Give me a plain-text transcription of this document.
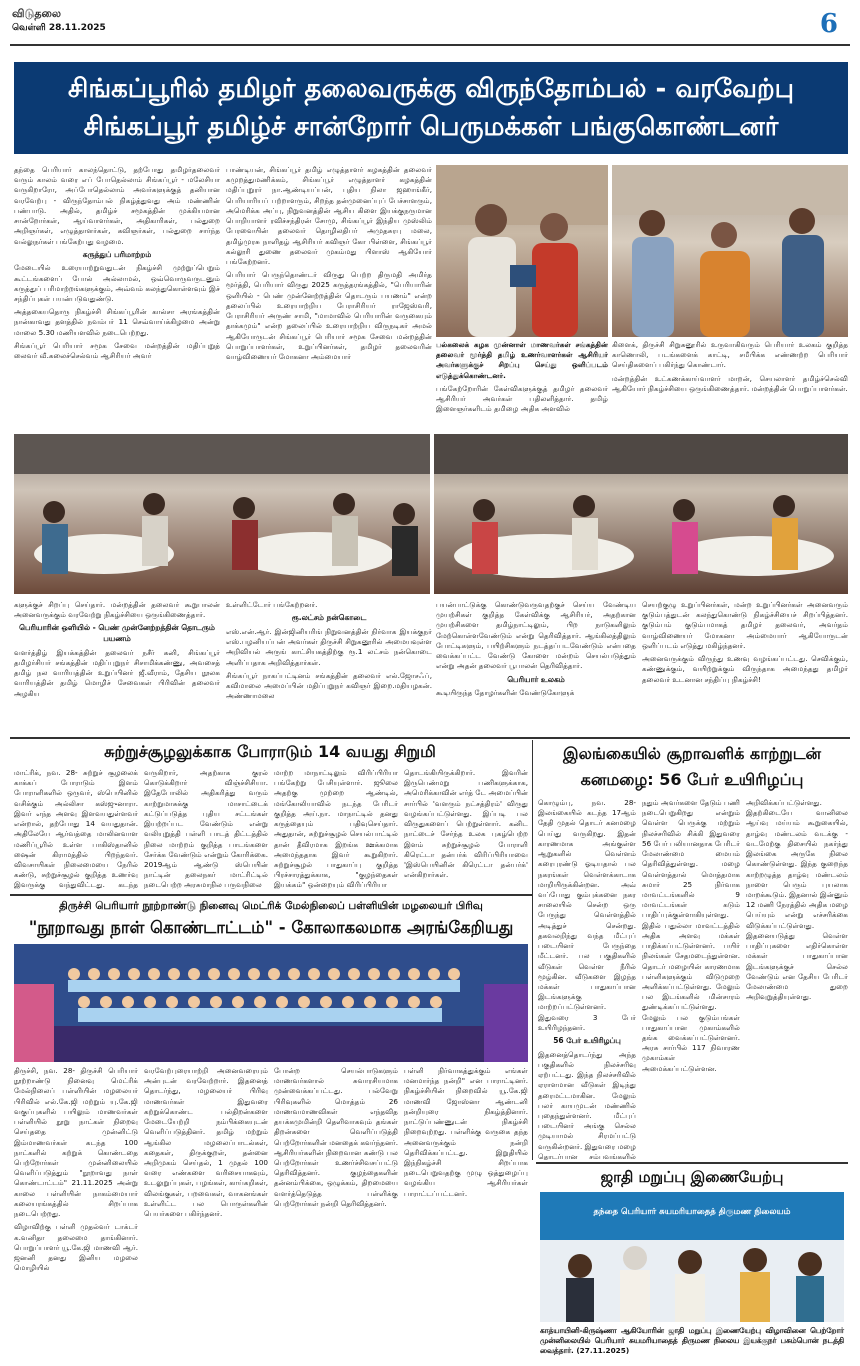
விடுதலை
வெள்ளி 28.11.2025	6
சிங்கப்பூரில் தமிழர் தலைவருக்கு விருந்தோம்பல் - வரவேற்பு
சிங்கப்பூர் தமிழ்ச் சான்றோர் பெருமக்கள் பங்குகொண்டனர்

தந்தை பெரியார் காலந்தொட்டு, தற்போது தமிழர்தலைவர் வரும் காலம் வரை எப் போதெல்லாம் சிங்கப்பூர் - மலேசியா வருகிறாரோ, அப்போதெல்லாம் அவர்களுக்குத் தனியான வரவேற்பு - விருந்தோம்பல் நிகழ்த்துவது அம் மண்ணின் பண்பாடு. அதில், தமிழ்ச் சமூகத்தின் முக்கியமான சான்றோர்கள், ஆய்வாளர்கள், அதிகாரிகள், பல்துறை அறிஞர்கள், எழுத்தாளர்கள், கவிஞர்கள், பல்துறை சார்ந்த வல்லுநர்கள் பங்கேற்பது வழமை.

கருத்துப் பரிமாற்றம்

மேடையில் உரையாற்றுவதுடன் நிகழ்ச்சி முற்றுப்பெறும் கூட்டங்களைப் போல் அல்லாமல், ஒவ்வொருவருடனும் கருத்துப் பரிமாற்றங்களுக்கும், அவ்வம் கலந்துகொள்ளவும் இச் சந்திப்புகள் பயன்படுவதுண்டு.

அத்தகையதொரு நிகழ்ச்சி சிங்கப்பூரின் கால்சா அரங்கத்தின் நான்காவது தளத்தில் நவம்பர் 11 செவ்வாய்க்கிழமை அன்று மாலை 5.30 மணியளவில் நடைபெற்றது.

சிங்கப்பூர் பெரியார் சமூக சேவை மன்றத்தின் மதிப்புறுத் லைவர் வீ.கலைச்செல்வம் ஆசிரியர் அவர்

பாண்டியன், சிங்கப்பூர் தமிழ் எழுத்தாளர் கழகத்தின் தலைவர் கமுறத்துமணிக்கம், சிங்கப்பூர் எழுத்தாளர் கழகத்தின் மதிப்புறுரர் நா.ஆண்டியப்பன், புதிய நிலா ஜஹாங்கீர், பெரியாரியப் பற்றாளரும், சிறந்த தன்முனைப்புப் பேச்சாளரும், அமெரிக்க அப்பு, நிறுவனத்தின் ஆசிய கிளை இயக்குநருமான பொறியாளர் ரவிச்சந்திரன் சோமு, சிங்கப்பூர் இந்திய முஸ்லிம் பேரவையின் தலைவர் தொழிலதிபர் அமுதசுரபு மலை, தமிழ்முரசு நாளிதழ் ஆசிரியர் கவிஞர் கோ பிள்ளை, சிங்கப்பூர் கல்லூரி துணை தலைவர் முகம்மது பிளாஸ் ஆகியோர் பங்கேற்றனர்.

பெரியார் பெருந்தொண்டர் விருது பெற்ற திருமதி அமிர்த மூர்த்தி, பெரியார் விருது 2025 கருத்தரங்கத்தில், "பெரியாரின் ஒளியில் - பெண் முன்னேற்றத்தின் தொடரும் பயணம்" என்ற தலைப்பில் உரையாற்றிய பேராசிரியர் ராஜேஸ்வரி, பேராசிரியர் அருண் சாமி, "மாமாவில் பெரியாரின் வருகையும் தாக்கமும்" என்ற தலைப்பில் உரையாற்றிய விருநடிகர் அமல் ஆகியோருடன் சிங்கப்பூர் பெரியார் சமூக சேவை மன்றத்தின் பொறுப்பாளர்கள், உறுப்பினர்கள், தமிழர் தலைவரின் வாழ்விணையர் மோகனா அம்மையார்

பல்கலைக் கழக முன்னாள் மாணவர்கள் சங்கத்தின் தலைவர் மூர்த்தி தமிழ் உணர்வாளர்கள் ஆசிரியர் அவர்களுக்குச் சிறப்பு செய்து ஒளிப்படம் எடுத்துக்கொண்டனர்.

பங்கேற்றோரின் கேள்விகளுக்குத் தமிழர் தலைவர் ஆசிரியர் அவர்கள் பதிலளித்தார். தமிழ் இளைஞர்களிடம் தமிழை அதிக அளவில்

கிளைக், திருச்சி சிறுகனூரில் உருவாகிவரும் பெரியார் உலகம் குறித்த காணொலி, படங்களைக் காட்டி, சமீபிக்க எண்ணற்ற பெரியார் செய்திகளைப் பகிர்ந்து கொண்டார்.

மன்றத்தின் உட்கணக்காய்வாளர் மாறன், செயலாளர் தமிழ்ச்செல்வி ஆகியோர் நிகழ்ச்சியை ஒருங்கிணைத்தார். மன்றத்தின் பொறுப்பாளர்கள்.

களுக்குச் சிறப்பு செய்தார். மன்றத்தின் தலைவர் கூறுபாலன் அனைவருக்கும் வரவேற்று நிகழ்ச்சியை ஒருங்கிணைத்தார்.

பெரியாரின் ஒளியில் - பெண் முன்னேற்றத்தின் தொடரும் பயணம்

வளர்த்திழ் இயக்கத்தின் தலைவர் நசீர் கனி, சிங்கப்பூர் தமிழர்சியர் சங்கத்தின் மதிப்புறுநர் சிசாமிக்கண்ணு, அவசைத் தமிழ் நல வாரியத்தின் உறுப்பினர் ஜீ.வீராம், தேசிய நூலக வாரியத்தின் தமிழ் மொழிச் சேவைகள் பிரிவின் தலைவர் அழகிய

உள்ளிட்டோர் பங்கேற்றனர்.

ரூ.லட்சம் நன்கொடை

எஸ்.என்.ஆர். இன்ஜினியரிங் நிறுவனத்தின் நிர்வாக இயக்குநர் எஸ்.பழனியப்பன் அவர்கள் திருச்சி சிறுகனூரில் அமையவுள்ள அறிவியல் அருங் காட்சியகத்திற்கு ரூ.1 லட்சம் நன்கொடை அளிப்பதாக அறிவித்தார்கள்.

சிங்கப்பூர் நாகப்பட்டினம் சங்கத்தின் தலைவர் எல்.ஜோசஃப், கவிமாலை அமைப்பின் மதிப்புறுநர் கவிஞர் இறை.மதியழகன். அண்ணாமலை

பயன்பாட்டுக்கு கொண்டுவருவதற்குச் செய்ய வேண்டிய முயற்சிகள் குறித்த கேள்விக்கு ஆசிரியர், அதற்கான முயற்சிகளை தமிழ்நாட்டிலும், பிற நாடுகளிலும் மேற்கொள்ளவேண்டும் என்று தெரிவித்தார். ஆங்கிலத்திலும் போட்டிகளும், பயிற்சிகளும் நடத்தப்படவேண்டும் என்பதை வைக்கப்பட்ட வேண்டு கோளை மன்றம் செயல்படுத்தும் என்று அதன் தலைவர் பூபாலன் தெரிவித்தார்.

பெரியார் உலகம்

கூடியிருந்த தோழர்களின் வேண்டுகோளுக்

செயற்குழு உறுப்பினர்கள், மன்ற உறுப்பினர்கள் அனைவரும் குடும்பத்துடன் கலந்துகொண்டு நிகழ்ச்சியைச் சிறப்பித்தனர். குடும்பம் குடும்பமாகத் தமிழர் தலைவர், அவர்தம் வாழ்விணையர் மோகனா அம்மையார் ஆகியோருடன் ஒளிப்படம் எடுத்து மகிழ்ந்தனர்.

அனைவருக்கும் விருந்து உணவு வழங்கப்பட்டது. செவிக்கும், கண்ணுக்கும், வயிற்றுக்கும் விருந்தாக அமைந்தது தமிழர் தலைவர் உடனான சந்திப்பு நிகழ்ச்சி!

சுற்றுச்சூழலுக்காக போராடும் 14 வயது சிறுமி
மாட்ரிக், நவ. 28- சுற்றுச் சூழலைக் காக்கப் போராடும் இளம் போராளிகளில் ஒருவர், ஸ்பெயினில் வசிக்கும் அல்லிசா கஸ்ஜுனாரா. இவர் எந்த அளவு இளவயதுள்ளவர் என்றால், தற்போது 14 வயதுதான். அதிலேயே ஆர்வத்தை மாலினவாள மணிப்பூரில் உள்ள பாகிஸ்தானில் ஷைன் கிராமத்தில் பிறந்தவர். விவசாயிகள் நிலைமையை நேரில் கண்டு, சுற்றுச்சூழல் குறித்த உணர்வு இவருக்கு வந்துவிட்டது. கடந்த
வருகிறார், அதற்காக குரல் கொடுக்கிறார் விஞ்ச்சிசியா. இதேபோலில் அதிகரித்து வரும் காற்றுமாசுக்கு மாசாட்டைக் கட்டுப்படுத்த புதிய சட்டங்கள் இயற்றப்பட வேண்டும் என்று வலியுறுத்தி பள்ளி பாடத் திட்டத்தில் நிலை மாற்றம் குறித்த பாடங்களை சேர்க்க வேண்டும் என்றும் கோரிக்கை. 2019ஆம் ஆண்டு ஸ்பெயின் நாட்டின் தலைநகர் மாட்ரிட்டில் நடைபெற்ற அரசுமாநில பருவநிலை
மாற்ற மாநாட்டிலும் விரிப்பிரியா பங்கேற்று பேசியுள்ளார். ஜூலை அதற்கு முற்றை ஆண்டில், மங்கோலியாவில் நடந்த பேரிடர் குறித்த அய்.நா. மாநாட்டில் தனது கருத்தையும் பதிவுசெய்தார். அதுதான், சுற்றுச்சூழல் செயல்பாட்டில் தான் தீவிரமாக இறங்க ஊக்கமாக அமைந்ததாக இவர் கூறுகிறார். சுற்றுச்சூழல் பாதுகாப்பு குறித்த பிரச்சாரத்துக்காக, "குழந்தைகள் இயக்கம்" ஒன்றையும் விரிப்பிரியா
தொடங்கியிருக்கிறார். இவரின் இருபெண்மறு பணிகளுக்காக, அமெரிக்காவின் எர்த் டே அமைப்பின் சார்பில் 'வளரும் நட்சத்திரம்' விருது வழங்கப்பட்டுள்ளது. இப்படி பல விருதுகளைப் பெற்றுள்ளார். கனிட நாட்டைச் சேர்ந்த உலக புகழ்பெற்ற இளம் சுற்றுச்சூழல் போராளி கிரெட்டா தன்பர்க் விரிப்பிரியாவை 'இஸ்பெயினின் கிரெட்டா தன்பர்க்' என்கிறார்கள்.
இலங்கையில் சூறாவளிக் காற்றுடன்
கனமழை: 56 பேர் உயிரிழப்பு

கொழும்பு, நவ. 28- இலங்கையில் கடந்த 17ஆம் தேதி முதல் தொடர் கனமழை பெய்து வருகிறது. இதன் காரணமாக அங்குள்ள ஆறுகளில் வெள்ளம் கரைபுரண்டு ஓடியதால் பல நகரங்கள் வெள்ளக்காடாக மாறியிருக்கின்றன. அவ் வப்போது கும்புக்கனை நகர சாலையில் சென்ற ஒரு பேருந்து வெள்ளத்தில் அடித்துச் சென்றது. தகவலறிந்து வந்த மீட்புப் படையினர் பேருந்தை மீட்டனர். பல பகுதிகளில் வீடுகள் வெள்ள நீரில் மூழ்கின. வீடுகளை இழந்த மக்கள் பாதுகாப்பான இடங்களுக்கு மாற்றப்பட்டுள்ளனர். இதுவரை 3 பேர் உயிரிழந்தனர்.

56 பேர் உயிரிழப்பு

இதனைத்தொடர்ந்து அந்த பகுதிகளில் நிலச்சரிவு ஏற்பட்டது. இந்த நிலச்சரிவில் ஏராளமான வீடுகள் இடிந்து தரைமட்டமாகின. மேலும் பலர் காயமுடன் மண்ணில் புதைந்துள்ளனர். மீட்புப் படையினர் அங்கு செல்ல முடியாமல் சிரமப்பட்டு வருகின்றனர். இதுவரை மழை தொடர்பான சம்பவங்களில்

நதும் அவர்களை தேடும் பணி நடைபெறுகிறது என்றும் வெள்ள பெருக்கு மற்றும் நிலச்சரிவில் சிக்கி இதுவரை 56 பேர் பலியானதாக பேரிடர் மேலாண்மை மையம் தெரிவித்துள்ளது. மழை வெள்ளத்தால் மொத்தமாக சுமார் 25 நிர்வாக மாவட்டங்களில் 9 மாவட்டங்கள் கடும் பாதிப்புக்குள்ளாகியுள்ளது. இதில் பதுல்லா மாவட்டத்தில் அதிக அளவு மக்கள் பாதிக்கப்பட்டுள்ளனர். பயிர் நிலங்கள் சேதமடைந்துள்ளன. தொடர் மழையின் காரணமாக பள்ளிகளுக்கும் விடுமுறை அளிக்கப்பட்டுள்ளது. மேலும் பல இடங்களில் மின்சாரம் துண்டிக்கப்பட்டுள்ளது. மேலும் பல குடும்பங்கள் பாதுகாப்பான முகாம்களில் தங்க வைக்கப்பட்டுள்ளனர். அரசு சார்பில் 117 நிவாரண முகாம்கள் அமைக்கப்பட்டுள்ளன.

அறிவிக்கப்பட்டுள்ளது. இதற்கிடையே வானிலை ஆய்வு மய்யம் கூறுகையில், தாழ்வு மண்டலம் வடக்கு - வடமேற்கு திசையில் நகர்ந்து இலங்கை அருகே நிலை கொண்டுள்ளது. இந்த குறைந்த காற்றழுத்த தாழ்வு மண்டலம் நாளை பெரும் புயலாக மாறக்கூடும். இதனால் இன்னும் 12 மணி நேரத்தில் அதிக மழை பெய்யும் என்று எச்சரிக்கை விடுக்கப்பட்டுள்ளது. இதனையடுத்து வெள்ள பாதிப்புகளை எதிர்கொள்ள மக்கள் பாதுகாப்பான இடங்களுக்குச் செல்ல வேண்டும் என தேசிய பேரிடர் மேலாண்மை துறை அறிவுறுத்தியுள்ளது.

திருச்சி பெரியார் நூற்றாண்டு நினைவு மெட்ரிக் மேல்நிலைப் பள்ளியின் மழலையர் பிரிவு
"நூறாவது நாள் கொண்டாட்டம்" - கோலாகலமாக அரங்கேறியது

திருச்சி, நவ. 28- திருச்சி பெரியார் நூற்றாண்டு நினைவு மெட்ரிக் மேல்நிலைப் பள்ளியின் மழலையர் பிரிவில் எல்.கே.ஜி மற்றும் யு.கே.ஜி வகுப்புகளில் பயிலும் மாணவர்கள் பள்ளியில் நூறு நாட்கள் நிறைவு செய்ததை முன்னிட்டு இம்மாணவர்கள் கடந்த 100 நாட்களில் கற்றுக் கொண்டதை பெற்றோர்கள் முன்னிலையில் வெளிப்படுத்தும் "நூறாவது நாள் கொண்டாட்டம்" 21.11.2025 அன்று காலை பள்ளியின் நாகம்மையார் கலையரங்கத்தில் சிறப்பாக நடைபெற்றது.

விழாவிற்கு பள்ளி முதல்வர் டாக்டர் க.வனிதா தலைமை தாங்கினார். பொறுப்பாளர் யூ.கே.ஜி மாணவி ஆர். ஜனனி தனது இனிய மழலை மொழியில்

வரவேற்புரையாற்றி அனைவரையும் அன்புடன் வரவேற்றார். இதனைத் தொடர்ந்து, மழலையர் பிரிவு மாணவர்கள் இதுவரை கற்றுக்கொண்ட பல்திறன்களை மேடையேற்றி நம்பிக்கையுடன் வெளிப்படுத்தினர். தமிழ் மற்றும் ஆங்கில மழலைப்பாடல்கள், கதைகள், திருக்குறள், தன்னை அறிமுகம் செய்தல், 1 முதல் 100 வரை எண்களை வரிசையாகவும், உடலுறுப்புகள், பழங்கள், காய்கறிகள், விலங்குகள், பறவைகள், வாகனங்கள் உள்ளிட்ட பல பொருள்களின் பெயர்களை பகிர்ந்தனர்.
போன்ற செயல்பாடுகளும் மாணவர்களால் சுவாரசியமாக முன்வைக்கப்பட்டது. பல்வேறு பிரிவுகளில் மொத்தம் 26 மாணவமாணவிகள் எந்தவித தயக்கமுமின்றி தெளிவாகவும் தங்கள் திறன்களை வெளிப்படுத்தி பெற்றோர்களின் மனதைக் கவர்ந்தனர். ஆசிரியர்களின் நிறைவான கண்டு பல பெற்றோர்கள் உணர்ச்சிவசப்பட்டு தெரிவித்தனர். குழந்தைகளின் தன்னம்பிக்கை, ஒழுக்கம், திறமையை வளர்த்தெடுத்த பள்ளிக்கு பெற்றோர்கள் நன்றி தெரிவித்தனர்.
பள்ளி நிர்வாகத்துக்கும் எங்கள் மனமார்ந்த நன்றி" என பாராட்டினர். நிகழ்ச்சியின் நிறைவில் யூ.கே.ஜி மாணவி ஜோஸ்னா ஆண்டனி நன்றியுரை நிகழ்த்தினார். நாட்டுப்பண்ணுடன் நிகழ்ச்சி நிறைவுற்றது. பள்ளிக்கு வருகை தந்த அனைவருக்கும் நன்றி தெரிவிக்கப்பட்டது. இறுதியில் இந்நிகழ்ச்சி சிறப்பாக நடைபெறுவதற்கு முழு ஒத்துழைப்பு வழங்கிய ஆசிரியர்கள் பாராட்டப்பட்டனர்.
ஜாதி மறுப்பு இணையேற்பு
தந்தை பெரியார் சுயமரியாதைத் திருமண நிலையம்
காத்யாயினி-கிருஷ்ணா ஆகியோரின் ஜாதி மறுப்பு இணையேற்பு விழாவினை பெற்றோர் முன்னிலையில் பெரியார் சுயமரியாதைத் திருமண நிலைய இயக்குநர் பசும்பொன் நடத்தி வைத்தார். (27.11.2025)
